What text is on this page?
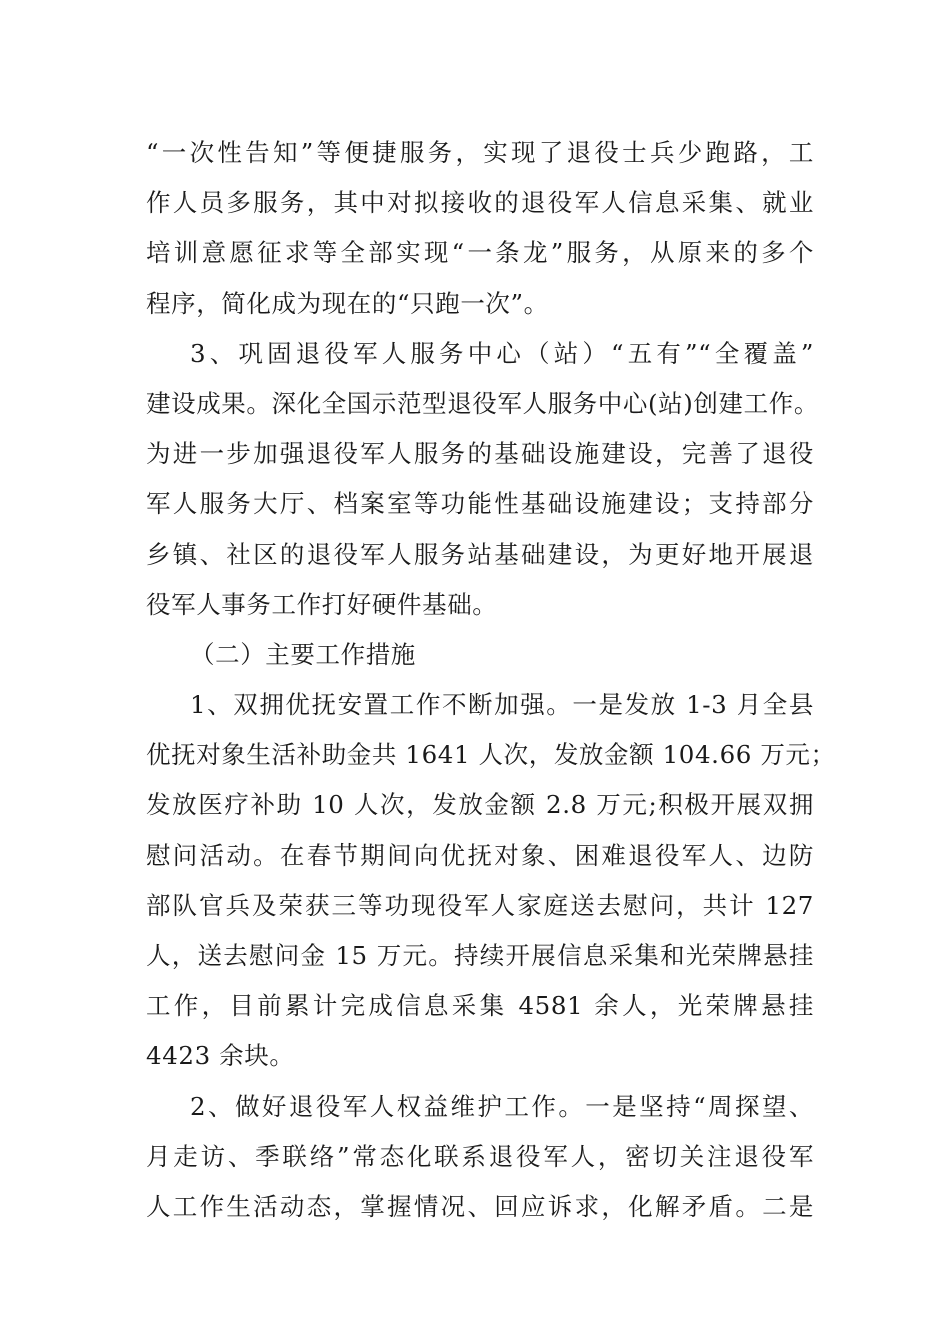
“一次性告知”等便捷服务，实现了退役士兵少跑路，工
作人员多服务，其中对拟接收的退役军人信息采集、就业
培训意愿征求等全部实现“一条龙”服务，从原来的多个
程序，简化成为现在的“只跑一次”。
3、巩固退役军人服务中心（站）“五有”“全覆盖”
建设成果。深化全国示范型退役军人服务中心(站)创建工作。
为进一步加强退役军人服务的基础设施建设，完善了退役
军人服务大厅、档案室等功能性基础设施建设；支持部分
乡镇、社区的退役军人服务站基础建设，为更好地开展退
役军人事务工作打好硬件基础。
（二）主要工作措施
1、双拥优抚安置工作不断加强。一是发放 1-3 月全县
优抚对象生活补助金共 1641 人次，发放金额 104.66 万元；
发放医疗补助 10 人次，发放金额 2.8 万元;积极开展双拥
慰问活动。在春节期间向优抚对象、困难退役军人、边防
部队官兵及荣获三等功现役军人家庭送去慰问，共计 127
人，送去慰问金 15 万元。持续开展信息采集和光荣牌悬挂
工作，目前累计完成信息采集 4581 余人，光荣牌悬挂
4423 余块。
2、做好退役军人权益维护工作。一是坚持“周探望、
月走访、季联络”常态化联系退役军人，密切关注退役军
人工作生活动态，掌握情况、回应诉求，化解矛盾。二是
